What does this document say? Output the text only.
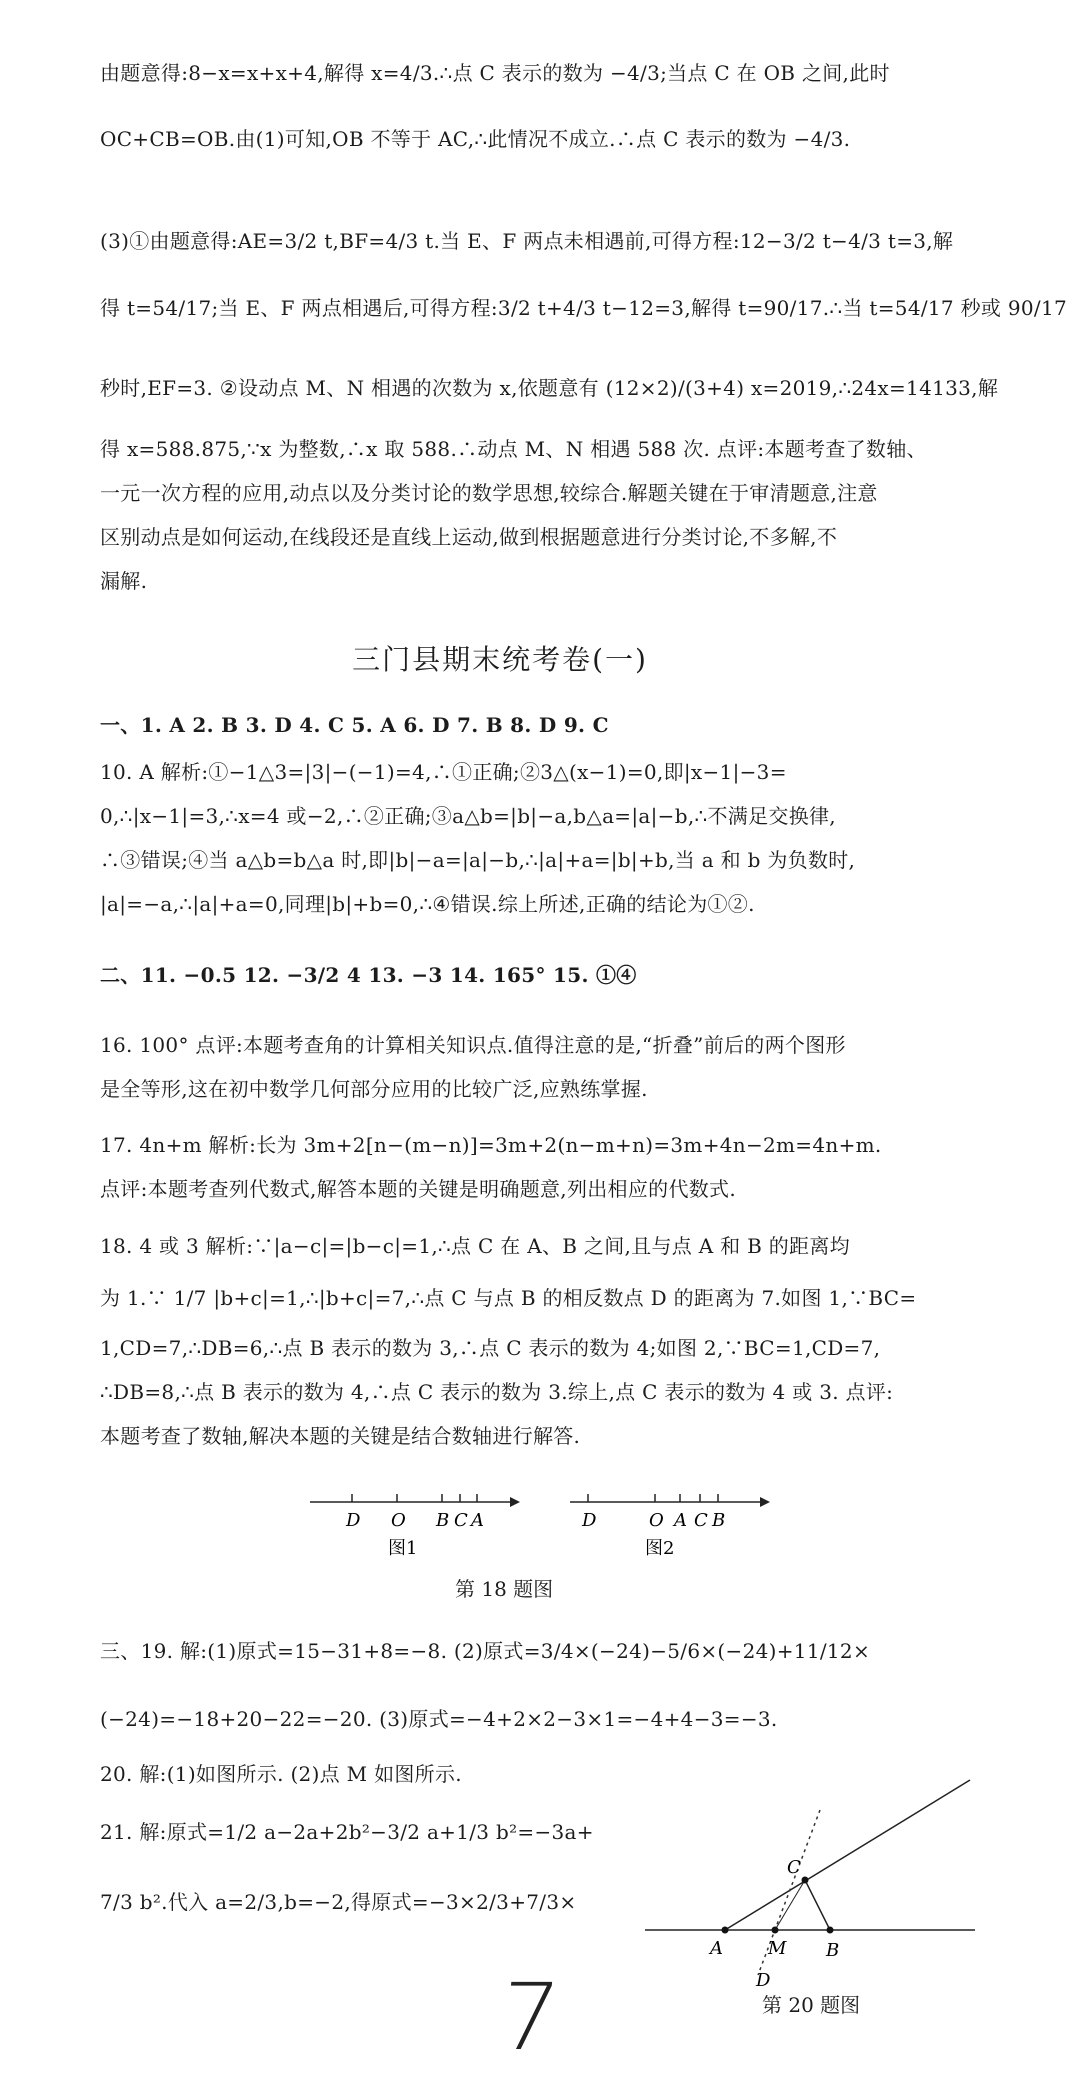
由题意得:8−x=x+x+4,解得 x=4/3.∴点 C 表示的数为 −4/3;当点 C 在 OB 之间,此时
OC+CB=OB.由(1)可知,OB 不等于 AC,∴此情况不成立.∴点 C 表示的数为 −4/3.
(3)①由题意得:AE=3/2 t,BF=4/3 t.当 E、F 两点未相遇前,可得方程:12−3/2 t−4/3 t=3,解
得 t=54/17;当 E、F 两点相遇后,可得方程:3/2 t+4/3 t−12=3,解得 t=90/17.∴当 t=54/17 秒或 90/17
秒时,EF=3. ②设动点 M、N 相遇的次数为 x,依题意有 (12×2)/(3+4) x=2019,∴24x=14133,解
得 x=588.875,∵x 为整数,∴x 取 588.∴动点 M、N 相遇 588 次. 点评:本题考查了数轴、
一元一次方程的应用,动点以及分类讨论的数学思想,较综合.解题关键在于审清题意,注意
区别动点是如何运动,在线段还是直线上运动,做到根据题意进行分类讨论,不多解,不
漏解.
三门县期末统考卷(一)
一、1. A 2. B 3. D 4. C 5. A 6. D 7. B 8. D 9. C
10. A 解析:①−1△3=|3|−(−1)=4,∴①正确;②3△(x−1)=0,即|x−1|−3=
0,∴|x−1|=3,∴x=4 或−2,∴②正确;③a△b=|b|−a,b△a=|a|−b,∴不满足交换律,
∴③错误;④当 a△b=b△a 时,即|b|−a=|a|−b,∴|a|+a=|b|+b,当 a 和 b 为负数时,
|a|=−a,∴|a|+a=0,同理|b|+b=0,∴④错误.综上所述,正确的结论为①②.
二、11. −0.5 12. −3/2 4 13. −3 14. 165° 15. ①④
16. 100° 点评:本题考查角的计算相关知识点.值得注意的是,“折叠”前后的两个图形
是全等形,这在初中数学几何部分应用的比较广泛,应熟练掌握.
17. 4n+m 解析:长为 3m+2[n−(m−n)]=3m+2(n−m+n)=3m+4n−2m=4n+m.
点评:本题考查列代数式,解答本题的关键是明确题意,列出相应的代数式.
18. 4 或 3 解析:∵|a−c|=|b−c|=1,∴点 C 在 A、B 之间,且与点 A 和 B 的距离均
为 1.∵ 1/7 |b+c|=1,∴|b+c|=7,∴点 C 与点 B 的相反数点 D 的距离为 7.如图 1,∵BC=
1,CD=7,∴DB=6,∴点 B 表示的数为 3,∴点 C 表示的数为 4;如图 2,∵BC=1,CD=7,
∴DB=8,∴点 B 表示的数为 4,∴点 C 表示的数为 3.综上,点 C 表示的数为 4 或 3. 点评:
本题考查了数轴,解决本题的关键是结合数轴进行解答.
D O B C A
图1
D	O A C B
图2
第 18 题图
三、19. 解:(1)原式=15−31+8=−8. (2)原式=3/4×(−24)−5/6×(−24)+11/12×
(−24)=−18+20−22=−20. (3)原式=−4+2×2−3×1=−4+4−3=−3.
20. 解:(1)如图所示. (2)点 M 如图所示.
21. 解:原式=1/2 a−2a+2b²−3/2 a+1/3 b²=−3a+
7/3 b².代入 a=2/3,b=−2,得原式=−3×2/3+7/3×
C
A	M B
D
第 20 题图
7
